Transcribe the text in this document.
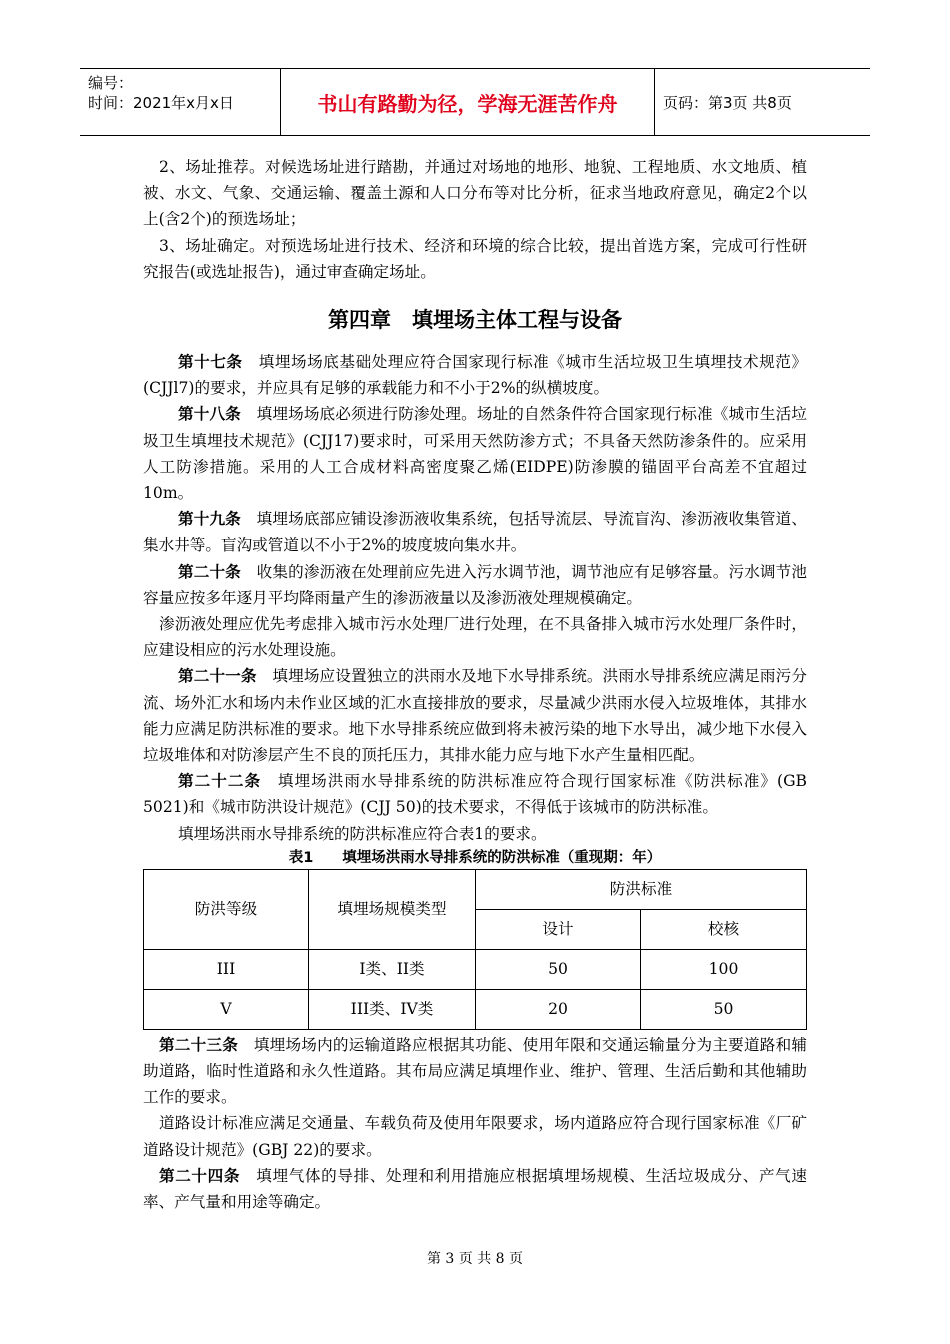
编号：
时间：2021年x月x日	书山有路勤为径，学海无涯苦作舟	页码：第3页 共8页

2、场址推荐。对候选场址进行踏勘，并通过对场地的地形、地貌、工程地质、水文地质、植被、水文、气象、交通运输、覆盖土源和人口分布等对比分析，征求当地政府意见，确定2个以上(含2个)的预选场址；

3、场址确定。对预选场址进行技术、经济和环境的综合比较，提出首选方案，完成可行性研究报告(或选址报告)，通过审查确定场址。

第四章　填埋场主体工程与设备

第十七条　填埋场场底基础处理应符合国家现行标准《城市生活垃圾卫生填埋技术规范》(CJJl7)的要求，并应具有足够的承载能力和不小于2%的纵横坡度。

第十八条　填埋场场底必须进行防渗处理。场址的自然条件符合国家现行标准《城市生活垃圾卫生填埋技术规范》(CJJ17)要求时，可采用天然防渗方式；不具备天然防渗条件的。应采用人工防渗措施。采用的人工合成材料高密度聚乙烯(EIDPE)防渗膜的锚固平台高差不宜超过10m。

第十九条　填埋场底部应铺设渗沥液收集系统，包括导流层、导流盲沟、渗沥液收集管道、集水井等。盲沟或管道以不小于2%的坡度坡向集水井。

第二十条　收集的渗沥液在处理前应先进入污水调节池，调节池应有足够容量。污水调节池容量应按多年逐月平均降雨量产生的渗沥液量以及渗沥液处理规模确定。

渗沥液处理应优先考虑排入城市污水处理厂进行处理，在不具备排入城市污水处理厂条件时，应建设相应的污水处理设施。

第二十一条　填埋场应设置独立的洪雨水及地下水导排系统。洪雨水导排系统应满足雨污分流、场外汇水和场内未作业区域的汇水直接排放的要求，尽量减少洪雨水侵入垃圾堆体，其排水能力应满足防洪标准的要求。地下水导排系统应做到将未被污染的地下水导出，减少地下水侵入垃圾堆体和对防渗层产生不良的顶托压力，其排水能力应与地下水产生量相匹配。

第二十二条　填埋场洪雨水导排系统的防洪标准应符合现行国家标准《防洪标准》(GB 5021)和《城市防洪设计规范》(CJJ 50)的技术要求，不得低于该城市的防洪标准。

填埋场洪雨水导排系统的防洪标准应符合表1的要求。

表1　　填埋场洪雨水导排系统的防洪标准（重现期：年）
防洪等级	填埋场规模类型	防洪标准	
		设计	校核
III	I类、II类	50	100
V	III类、IV类	20	50

第二十三条　填埋场场内的运输道路应根据其功能、使用年限和交通运输量分为主要道路和辅助道路，临时性道路和永久性道路。其布局应满足填埋作业、维护、管理、生活后勤和其他辅助工作的要求。

道路设计标准应满足交通量、车载负荷及使用年限要求，场内道路应符合现行国家标准《厂矿道路设计规范》(GBJ 22)的要求。

第二十四条　填埋气体的导排、处理和利用措施应根据填埋场规模、生活垃圾成分、产气速率、产气量和用途等确定。

第 3 页 共 8 页
